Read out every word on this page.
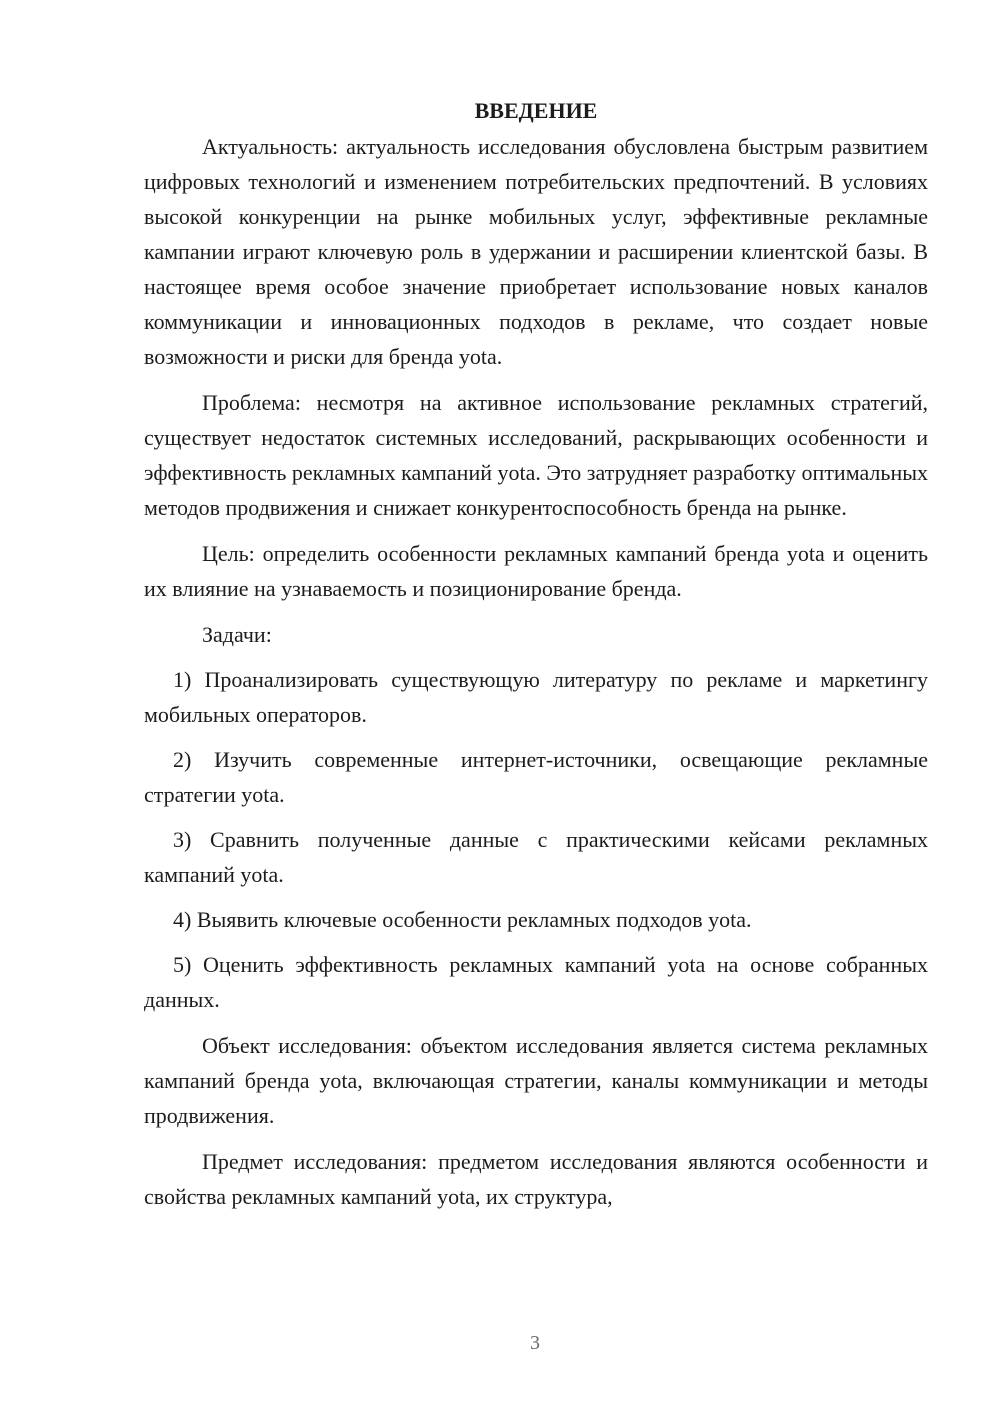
ВВЕДЕНИЕ

Актуальность: актуальность исследования обусловлена быстрым развитием цифровых технологий и изменением потребительских предпочтений. В условиях высокой конкуренции на рынке мобильных услуг, эффективные рекламные кампании играют ключевую роль в удержании и расширении клиентской базы. В настоящее время особое значение приобретает использование новых каналов коммуникации и инновационных подходов в рекламе, что создает новые возможности и риски для бренда yota.

Проблема: несмотря на активное использование рекламных стратегий, существует недостаток системных исследований, раскрывающих особенности и эффективность рекламных кампаний yota. Это затрудняет разработку оптимальных методов продвижения и снижает конкурентоспособность бренда на рынке.

Цель: определить особенности рекламных кампаний бренда yota и оценить их влияние на узнаваемость и позиционирование бренда.

Задачи:

1) Проанализировать существующую литературу по рекламе и маркетингу мобильных операторов.

2) Изучить современные интернет-источники, освещающие рекламные стратегии yota.

3) Сравнить полученные данные с практическими кейсами рекламных кампаний yota.

4) Выявить ключевые особенности рекламных подходов yota.

5) Оценить эффективность рекламных кампаний yota на основе собранных данных.

Объект исследования: объектом исследования является система рекламных кампаний бренда yota, включающая стратегии, каналы коммуникации и методы продвижения.

Предмет исследования: предметом исследования являются особенности и свойства рекламных кампаний yota, их структура,

3
